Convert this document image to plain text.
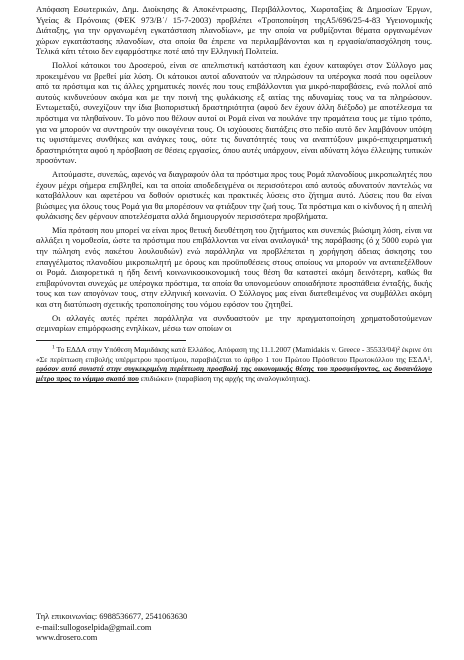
Απόφαση Εσωτερικών, Δημ. Διοίκησης & Αποκέντρωσης, Περιβάλλοντος, Χωροταξίας & Δημοσίων Έργων, Υγείας & Πρόνοιας (ΦΕΚ 973/Β΄/ 15-7-2003) προβλέπει «Τροποποίηση τηςΑ5/696/25-4-83 Υγειονομικής Διάταξης, για την οργανωμένη εγκατάσταση πλανοδίων», με την οποία να ρυθμίζονται θέματα οργανωμένων χώρων εγκατάστασης πλανοδίων, στα οποία θα έπρεπε να περιλαμβάνονται και η εργασία/απασχόληση τους. Τελικά κάτι τέτοιο δεν εφαρμόστηκε ποτέ από την Ελληνική Πολιτεία.

Πολλοί κάτοικοι του Δροσερού, είναι σε απελπιστική κατάσταση και έχουν καταφύγει στον Σύλλογο μας προκειμένου να βρεθεί μία λύση. Οι κάτοικοι αυτοί αδυνατούν να πληρώσουν τα υπέρογκα ποσά που οφείλουν από τα πρόστιμα και τις άλλες χρηματικές ποινές που τους επιβάλλονται για μικρό-παραβάσεις, ενώ πολλοί από αυτούς κινδυνεύουν ακόμα και με την ποινή της φυλάκισης εξ αιτίας της αδυναμίας τους να τα πληρώσουν. Εντωμεταξύ, συνεχίζουν την ίδια βιοποριστική δραστηριότητα (αφού δεν έχουν άλλη διέξοδο) με αποτέλεσμα τα πρόστιμα να πληθαίνουν. Το μόνο που θέλουν αυτοί οι Ρομά είναι να πουλάνε την πραμάτεια τους με τίμιο τρόπο, για να μπορούν να συντηρούν την οικογένεια τους. Οι ισχύουσες διατάξεις στο πεδίο αυτό δεν λαμβάνουν υπόψη τις υφιστάμενες συνθήκες και ανάγκες τους, ούτε τις δυνατότητές τους να αναπτύξουν μικρό-επιχειρηματική δραστηριότητα αφού η πρόσβαση σε θέσεις εργασίες, όπου αυτές υπάρχουν, είναι αδύνατη λόγω έλλειψης τυπικών προσόντων.

Αιτούμαστε, συνεπώς, αφενός να διαγραφούν όλα τα πρόστιμα προς τους Ρομά πλανοδίους μικροπωλητές που έχουν μέχρι σήμερα επιβληθεί, και τα οποία αποδεδειγμένα οι περισσότεροι από αυτούς αδυνατούν παντελώς να καταβάλλουν και αφετέρου να δοθούν οριστικές και πρακτικές λύσεις στο ζήτημα αυτό. Λύσεις που θα είναι βιώσιμες για όλους τους Ρομά για θα μπορέσουν να φτιάξουν την ζωή τους. Τα πρόστιμα και ο κίνδυνος ή η απειλή φυλάκισης δεν φέρνουν αποτελέσματα αλλά δημιουργούν περισσότερα προβλήματα.

Μία πρόταση που μπορεί να είναι προς θετική διευθέτηση του ζητήματος και συνεπώς βιώσιμη λύση, είναι να αλλάξει η νομοθεσία, ώστε τα πρόστιμα που επιβάλλονται να είναι αναλογικά¹ της παράβασης (ό χ 5000 ευρώ για την πώληση ενός πακέτου λουλουδιών) ενώ παράλληλα να προβλέπεται η χορήγηση άδειας άσκησης του επαγγέλματος πλανοδίου μικροπωλητή με όρους και προϋποθέσεις στους οποίους να μπορούν να ανταπεξέλθουν οι Ρομά. Διαφορετικά η ήδη δεινή κοινωνικοοικονομική τους θέση θα καταστεί ακόμη δεινότερη, καθώς θα επιβαρύνονται συνεχώς με υπέρογκα πρόστιμα, τα οποία θα υπονομεύουν οποιαδήποτε προσπάθεια ένταξής, δικής τους και των απογόνων τους, στην ελληνική κοινωνία. Ο Σύλλογος μας είναι διατεθειμένος να συμβάλλει ακόμη και στη διατύπωση σχετικής τροποποίησης του νόμου εφόσον του ζητηθεί.

Οι αλλαγές αυτές πρέπει παράλληλα να συνδυαστούν με την πραγματοποίηση χρηματοδοτούμενων σεμιναρίων επιμόρφωσης ενηλίκων, μέσω των οποίων οι

$^1$ Το ΕΔΔΑ στην Υπόθεση Μαμιδάκης κατά Ελλάδος, Απόφαση της 11.1.2007 (Mamidakis v. Greece - 35533/04)² έκρινε ότι «Σε περίπτωση επιβολής υπέρμετρου προστίμου, παραβιάζεται το άρθρο 1 του Πρώτου Πρόσθετου Πρωτοκόλλου της ΕΣΔΑ¹, εφόσον αυτό συνιστά στην συγκεκριμένη περίπτωση προσβολή της οικονομικής θέσης του προσφεύγοντος, ως δυσανάλογο μέτρο προς το νόμιμο σκοπό που επιδιώκει» (παραβίαση της αρχής της αναλογικότητας).

Τηλ επικοινωνίας: 6988536677, 2541063630
e-mail:sullogoselpida@gmail.com
www.drosero.com
